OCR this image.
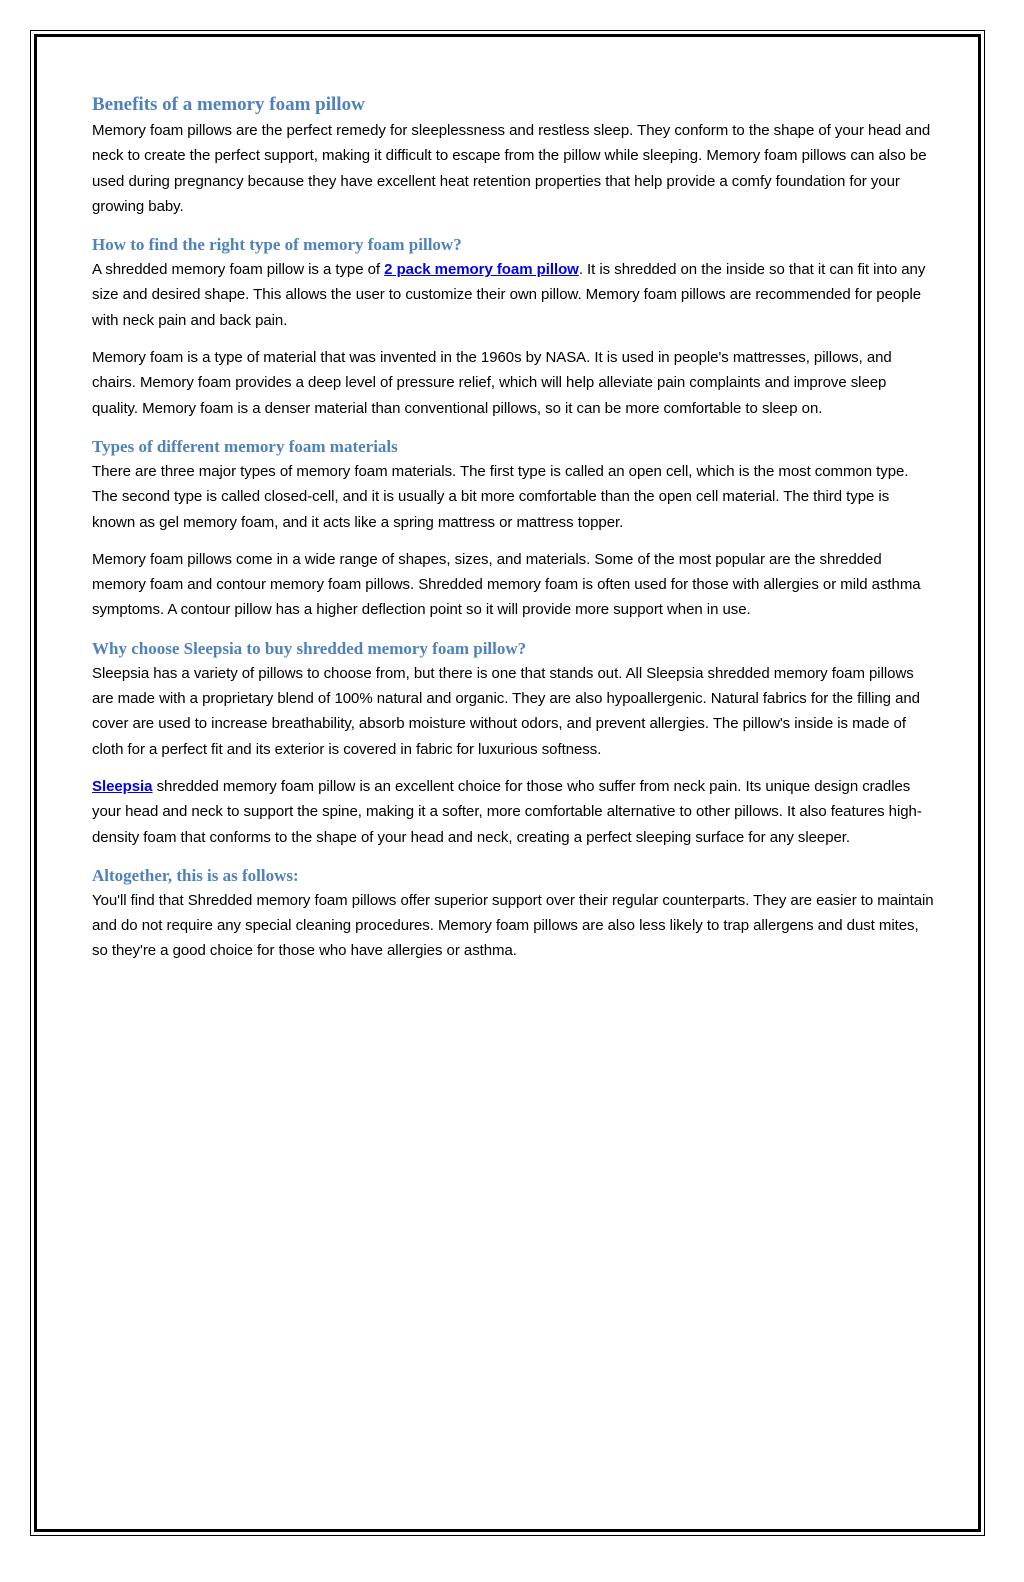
Benefits of a memory foam pillow

Memory foam pillows are the perfect remedy for sleeplessness and restless sleep. They conform to the shape of your head and neck to create the perfect support, making it difficult to escape from the pillow while sleeping. Memory foam pillows can also be used during pregnancy because they have excellent heat retention properties that help provide a comfy foundation for your growing baby.

How to find the right type of memory foam pillow?

A shredded memory foam pillow is a type of 2 pack memory foam pillow. It is shredded on the inside so that it can fit into any size and desired shape. This allows the user to customize their own pillow. Memory foam pillows are recommended for people with neck pain and back pain.

Memory foam is a type of material that was invented in the 1960s by NASA. It is used in people's mattresses, pillows, and chairs. Memory foam provides a deep level of pressure relief, which will help alleviate pain complaints and improve sleep quality. Memory foam is a denser material than conventional pillows, so it can be more comfortable to sleep on.

Types of different memory foam materials

There are three major types of memory foam materials. The first type is called an open cell, which is the most common type. The second type is called closed-cell, and it is usually a bit more comfortable than the open cell material. The third type is known as gel memory foam, and it acts like a spring mattress or mattress topper.

Memory foam pillows come in a wide range of shapes, sizes, and materials. Some of the most popular are the shredded memory foam and contour memory foam pillows. Shredded memory foam is often used for those with allergies or mild asthma symptoms. A contour pillow has a higher deflection point so it will provide more support when in use.

Why choose Sleepsia to buy shredded memory foam pillow?

Sleepsia has a variety of pillows to choose from, but there is one that stands out. All Sleepsia shredded memory foam pillows are made with a proprietary blend of 100% natural and organic. They are also hypoallergenic. Natural fabrics for the filling and cover are used to increase breathability, absorb moisture without odors, and prevent allergies. The pillow's inside is made of cloth for a perfect fit and its exterior is covered in fabric for luxurious softness.

Sleepsia shredded memory foam pillow is an excellent choice for those who suffer from neck pain. Its unique design cradles your head and neck to support the spine, making it a softer, more comfortable alternative to other pillows. It also features high-density foam that conforms to the shape of your head and neck, creating a perfect sleeping surface for any sleeper.

Altogether, this is as follows:

You'll find that Shredded memory foam pillows offer superior support over their regular counterparts. They are easier to maintain and do not require any special cleaning procedures. Memory foam pillows are also less likely to trap allergens and dust mites, so they're a good choice for those who have allergies or asthma.
